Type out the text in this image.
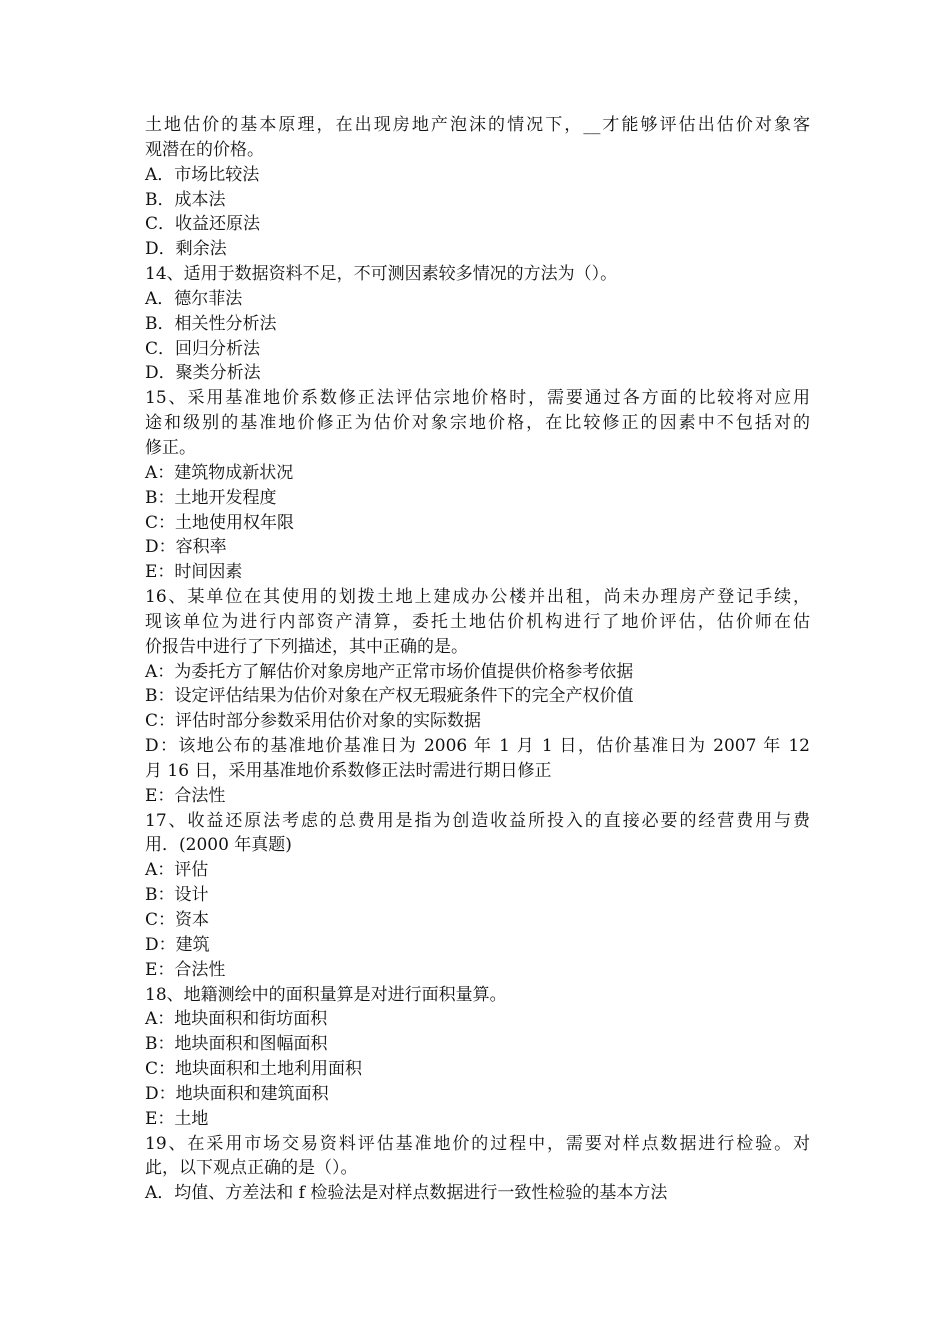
土地估价的基本原理，在出现房地产泡沫的情况下，__才能够评估出估价对象客
观潜在的价格。
A．市场比较法
B．成本法
C．收益还原法
D．剩余法
14、适用于数据资料不足，不可测因素较多情况的方法为（）。
A．德尔菲法
B．相关性分析法
C．回归分析法
D．聚类分析法
15、采用基准地价系数修正法评估宗地价格时，需要通过各方面的比较将对应用
途和级别的基准地价修正为估价对象宗地价格，在比较修正的因素中不包括对的
修正。
A：建筑物成新状况
B：土地开发程度
C：土地使用权年限
D：容积率
E：时间因素
16、某单位在其使用的划拨土地上建成办公楼并出租，尚未办理房产登记手续，
现该单位为进行内部资产清算，委托土地估价机构进行了地价评估，估价师在估
价报告中进行了下列描述，其中正确的是。
A：为委托方了解估价对象房地产正常市场价值提供价格参考依据
B：设定评估结果为估价对象在产权无瑕疵条件下的完全产权价值
C：评估时部分参数采用估价对象的实际数据
D：该地公布的基准地价基准日为 2006 年 1 月 1 日，估价基准日为 2007 年 12
月 16 日，采用基准地价系数修正法时需进行期日修正
E：合法性
17、收益还原法考虑的总费用是指为创造收益所投入的直接必要的经营费用与费
用．(2000 年真题)
A：评估
B：设计
C：资本
D：建筑
E：合法性
18、地籍测绘中的面积量算是对进行面积量算。
A：地块面积和街坊面积
B：地块面积和图幅面积
C：地块面积和土地利用面积
D：地块面积和建筑面积
E：土地
19、在采用市场交易资料评估基准地价的过程中，需要对样点数据进行检验。对
此，以下观点正确的是（）。
A．均值、方差法和 f 检验法是对样点数据进行一致性检验的基本方法
